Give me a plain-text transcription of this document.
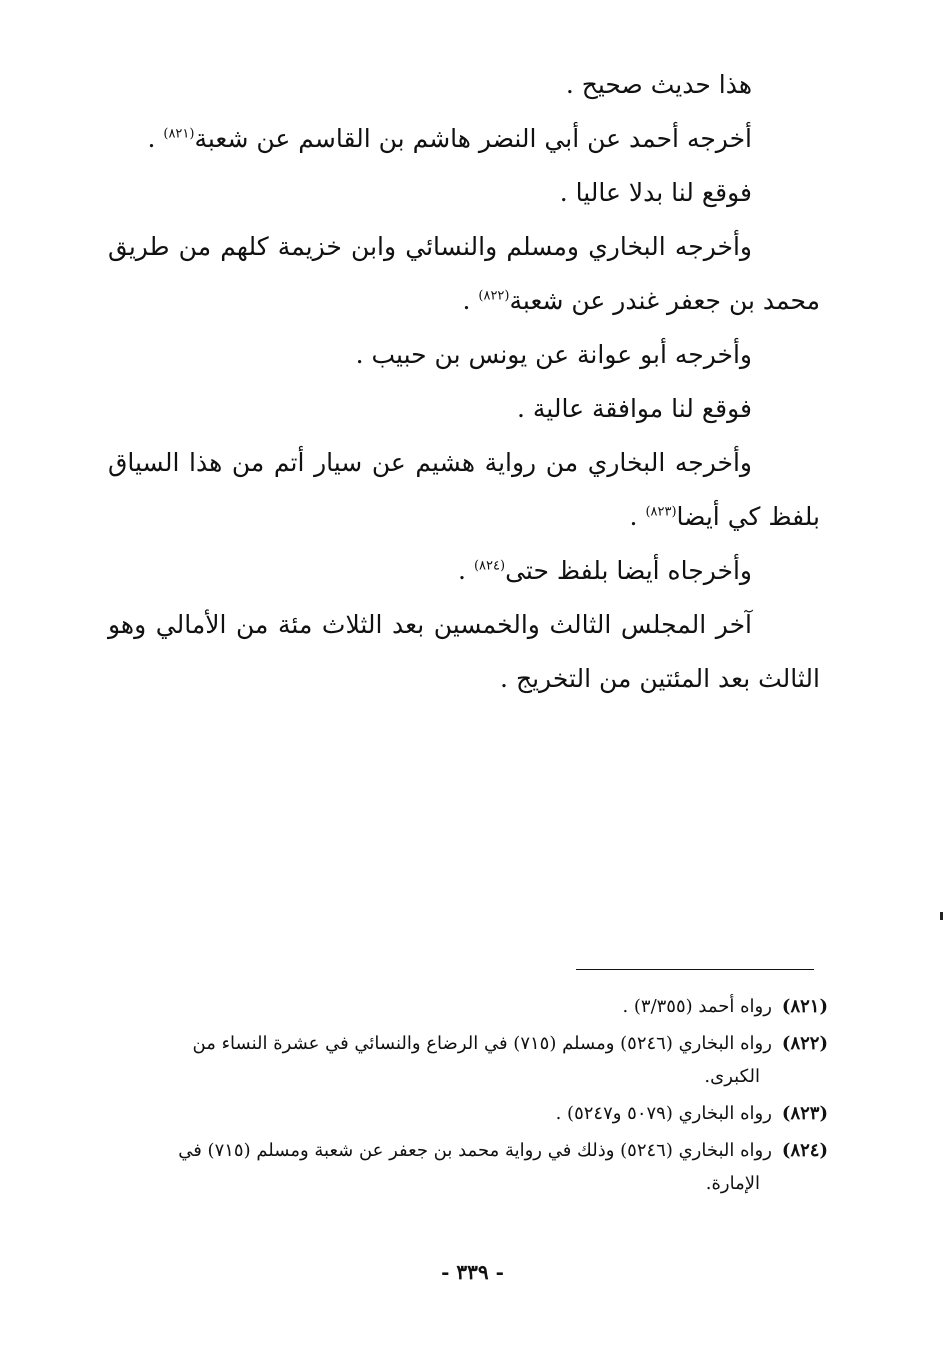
هذا حديث صحيح .

أخرجه أحمد عن أبي النضر هاشم بن القاسم عن شعبة$^{(٨٢١)}$ .

فوقع لنا بدلا عاليا .

وأخرجه البخاري ومسلم والنسائي وابن خزيمة كلهم من طريق محمد بن جعفر غندر عن شعبة$^{(٨٢٢)}$ .

وأخرجه أبو عوانة عن يونس بن حبيب .

فوقع لنا موافقة عالية .

وأخرجه البخاري من رواية هشيم عن سيار أتم من هذا السياق بلفظ كي أيضا$^{(٨٢٣)}$ .

وأخرجاه أيضا بلفظ حتى$^{(٨٢٤)}$ .

آخر المجلس الثالث والخمسين بعد الثلاث مئة من الأمالي وهو الثالث بعد المئتين من التخريج .

(٨٢١)رواه أحمد (٣/٣٥٥) .

(٨٢٢)رواه البخاري (٥٢٤٦) ومسلم (٧١٥) في الرضاع والنسائي في عشرة النساء من
الكبرى.

(٨٢٣)رواه البخاري (٥٠٧٩ و٥٢٤٧) .

(٨٢٤)رواه البخاري (٥٢٤٦) وذلك في رواية محمد بن جعفر عن شعبة ومسلم (٧١٥) في
الإمارة.

- ٣٣٩ -
